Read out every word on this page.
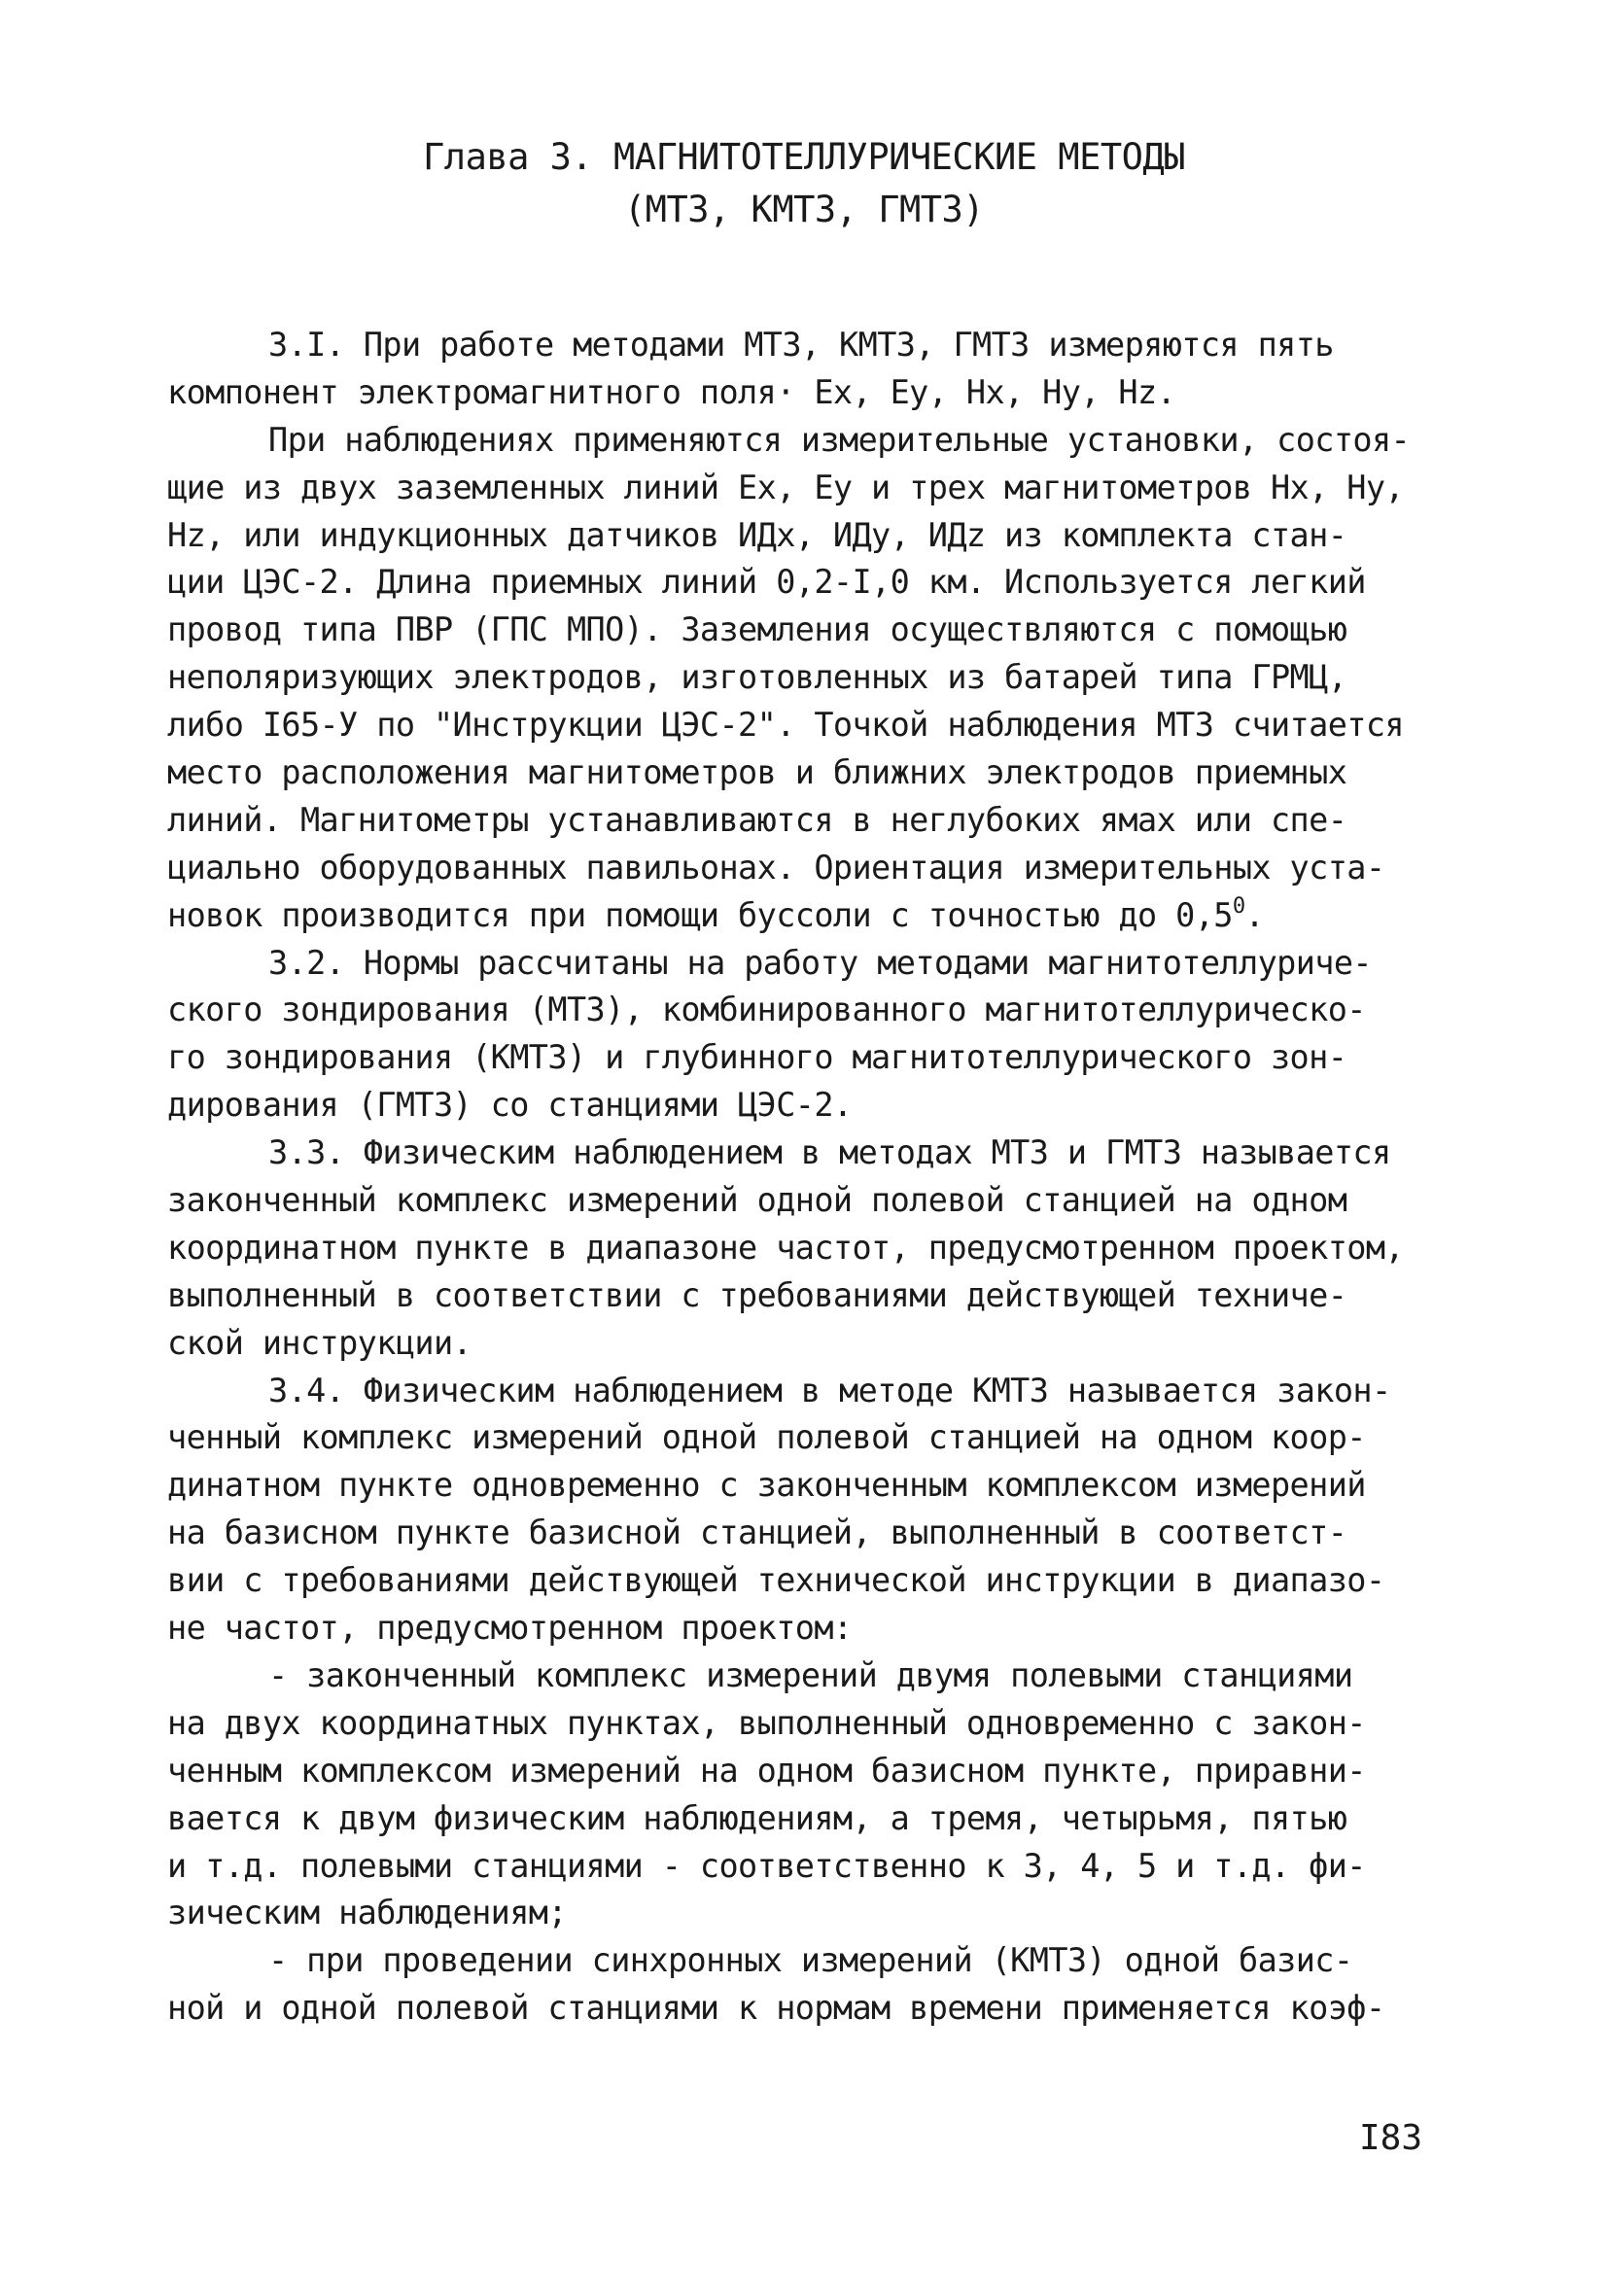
Глава 3. МАГНИТОТЕЛЛУРИЧЕСКИЕ МЕТОДЫ
(МТЗ, КМТЗ, ГМТЗ)
3.I. При работе методами МТЗ, КМТЗ, ГМТЗ измеряются пять
компонент электромагнитного поля· Ex, Ey, Hx, Hy, Hz.
При наблюдениях применяются измерительные установки, состоя-
щие из двух заземленных линий Ex, Ey и трех магнитометров Hx, Hy,
Hz, или индукционных датчиков ИДх, ИДу, ИДz из комплекта стан-
ции ЦЭС-2. Длина приемных линий 0,2-I,0 км. Используется легкий
провод типа ПВР (ГПС МПО). Заземления осуществляются с помощью
неполяризующих электродов, изготовленных из батарей типа ГРМЦ,
либо I65-У по "Инструкции ЦЭС-2". Точкой наблюдения МТЗ считается
место расположения магнитометров и ближних электродов приемных
линий. Магнитометры устанавливаются в неглубоких ямах или спе-
циально оборудованных павильонах. Ориентация измерительных уста-
новок производится при помощи буссоли с точностью до $0,5^0$.
3.2. Нормы рассчитаны на работу методами магнитотеллуриче-
ского зондирования (МТЗ), комбинированного магнитотеллуричеcко-
го зондирования (КМТЗ) и глубинного магнитотеллурического зон-
дирования (ГМТЗ) со станциями ЦЭС-2.
3.3. Физическим наблюдением в методах МТЗ и ГМТЗ называется
законченный комплекс измерений одной полевой станцией на одном
координатном пункте в диапазоне частот, предусмотренном проектом,
выполненный в соответствии с требованиями действующей техниче-
ской инструкции.
3.4. Физическим наблюдением в методе КМТЗ называется закон-
ченный комплекс измерений одной полевой станцией на одном коор-
динатном пункте одновременно с законченным комплексом измерений
на базисном пункте базисной станцией, выполненный в соответст-
вии с требованиями действующей технической инструкции в диапазо-
не частот, предусмотренном проектом:
- законченный комплекс измерений двумя полевыми станциями
на двух координатных пунктах, выполненный одновременно с закон-
ченным комплексом измерений на одном базисном пункте, приравни-
вается к двум физическим наблюдениям, а тремя, четырьмя, пятью
и т.д. полевыми станциями - соответственно к 3, 4, 5 и т.д. фи-
зическим наблюдениям;
- при проведении синхронных измерений (КМТЗ) одной базис-
ной и одной полевой станциями к нормам времени применяется коэф-
I83
